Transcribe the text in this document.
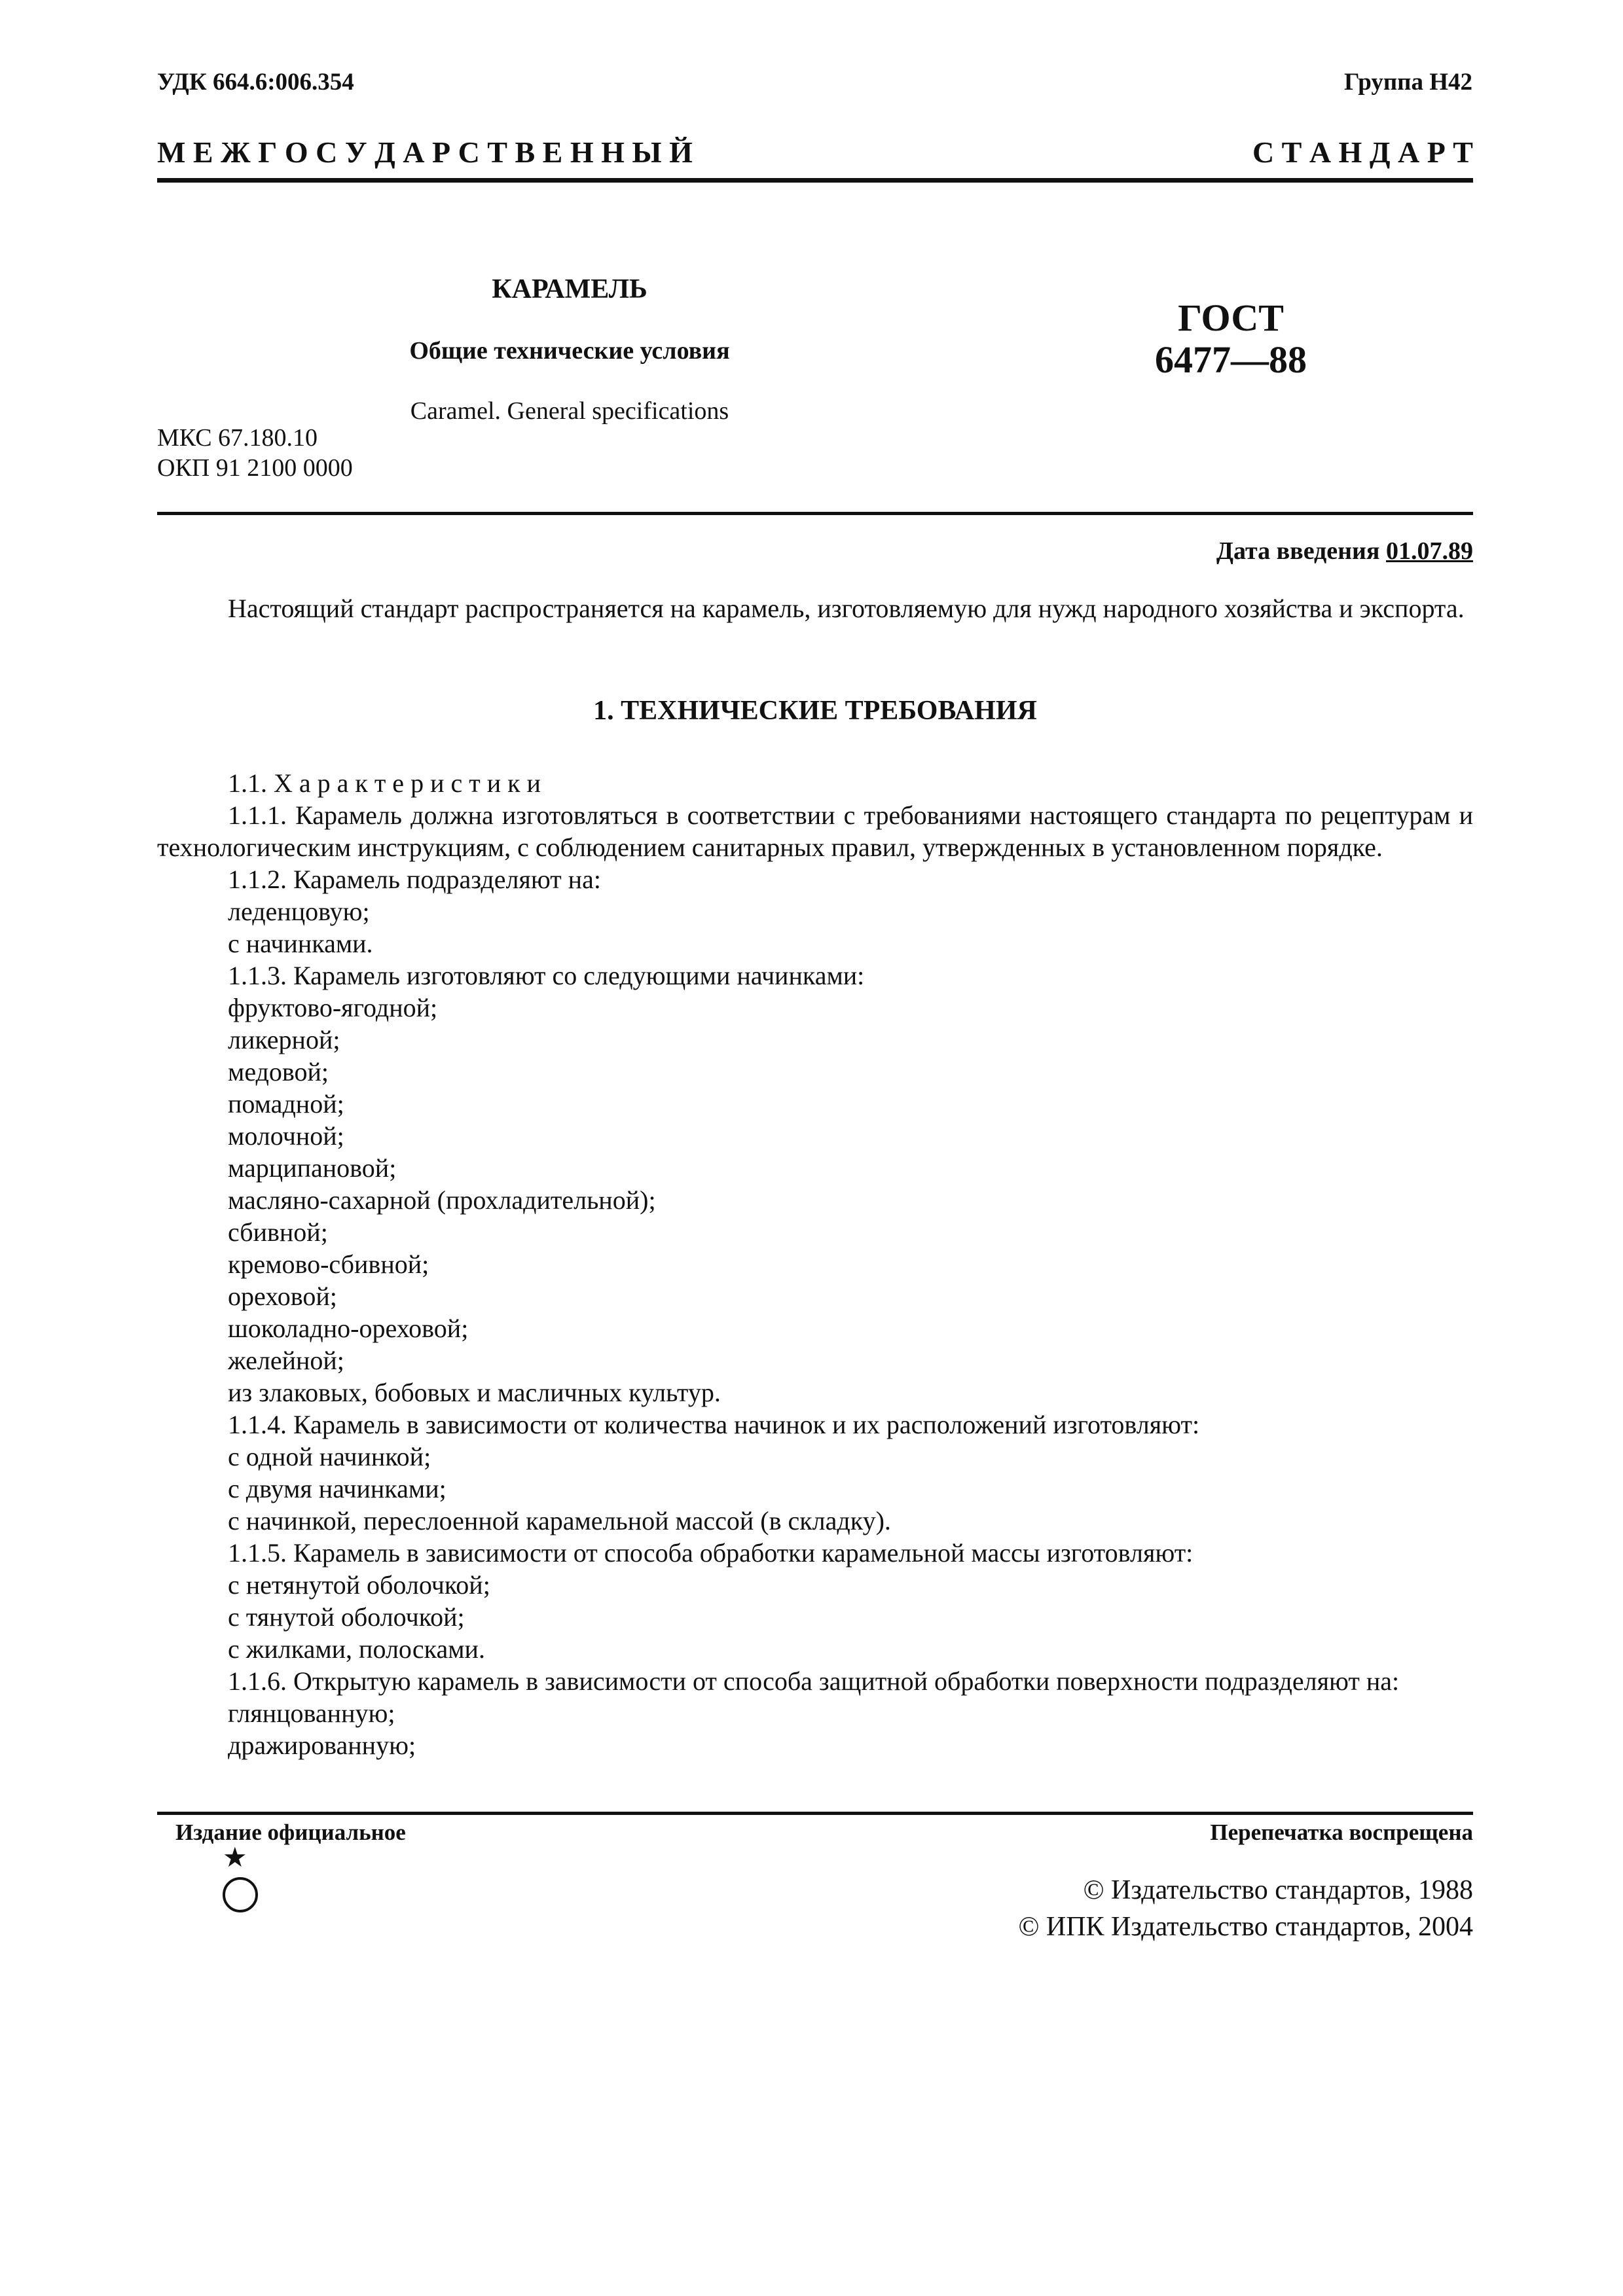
УДК 664.6:006.354	Группа Н42
М Е Ж Г О С У Д А Р С Т В Е Н Н Ы Й	С Т А Н Д А Р Т
КАРАМЕЛЬ
Общие технические условия
Caramel. General specifications
ГОСТ
6477—88
МКС 67.180.10
ОКП 91 2100 0000
Дата введения 01.07.89
Настоящий стандарт распространяется на карамель, изготовляемую для нужд народного хозяйства и экспорта.
1. ТЕХНИЧЕСКИЕ ТРЕБОВАНИЯ

1.1. Х а р а к т е р и с т и к и

1.1.1. Карамель должна изготовляться в соответствии с требованиями настоящего стандарта по рецептурам и технологическим инструкциям, с соблюдением санитарных правил, утвержденных в установленном порядке.

1.1.2. Карамель подразделяют на:

леденцовую;

с начинками.

1.1.3. Карамель изготовляют со следующими начинками:

фруктово-ягодной;

ликерной;

медовой;

помадной;

молочной;

марципановой;

масляно-сахарной (прохладительной);

сбивной;

кремово-сбивной;

ореховой;

шоколадно-ореховой;

желейной;

из злаковых, бобовых и масличных культур.

1.1.4. Карамель в зависимости от количества начинок и их расположений изготовляют:

с одной начинкой;

с двумя начинками;

с начинкой, переслоенной карамельной массой (в складку).

1.1.5. Карамель в зависимости от способа обработки карамельной массы изготовляют:

с нетянутой оболочкой;

с тянутой оболочкой;

с жилками, полосками.

1.1.6. Открытую карамель в зависимости от способа защитной обработки поверхности подразделяют на:

глянцованную;

дражированную;

Издание официальное	Перепечатка воспрещена
★
© Издательство стандартов, 1988
© ИПК Издательство стандартов, 2004
